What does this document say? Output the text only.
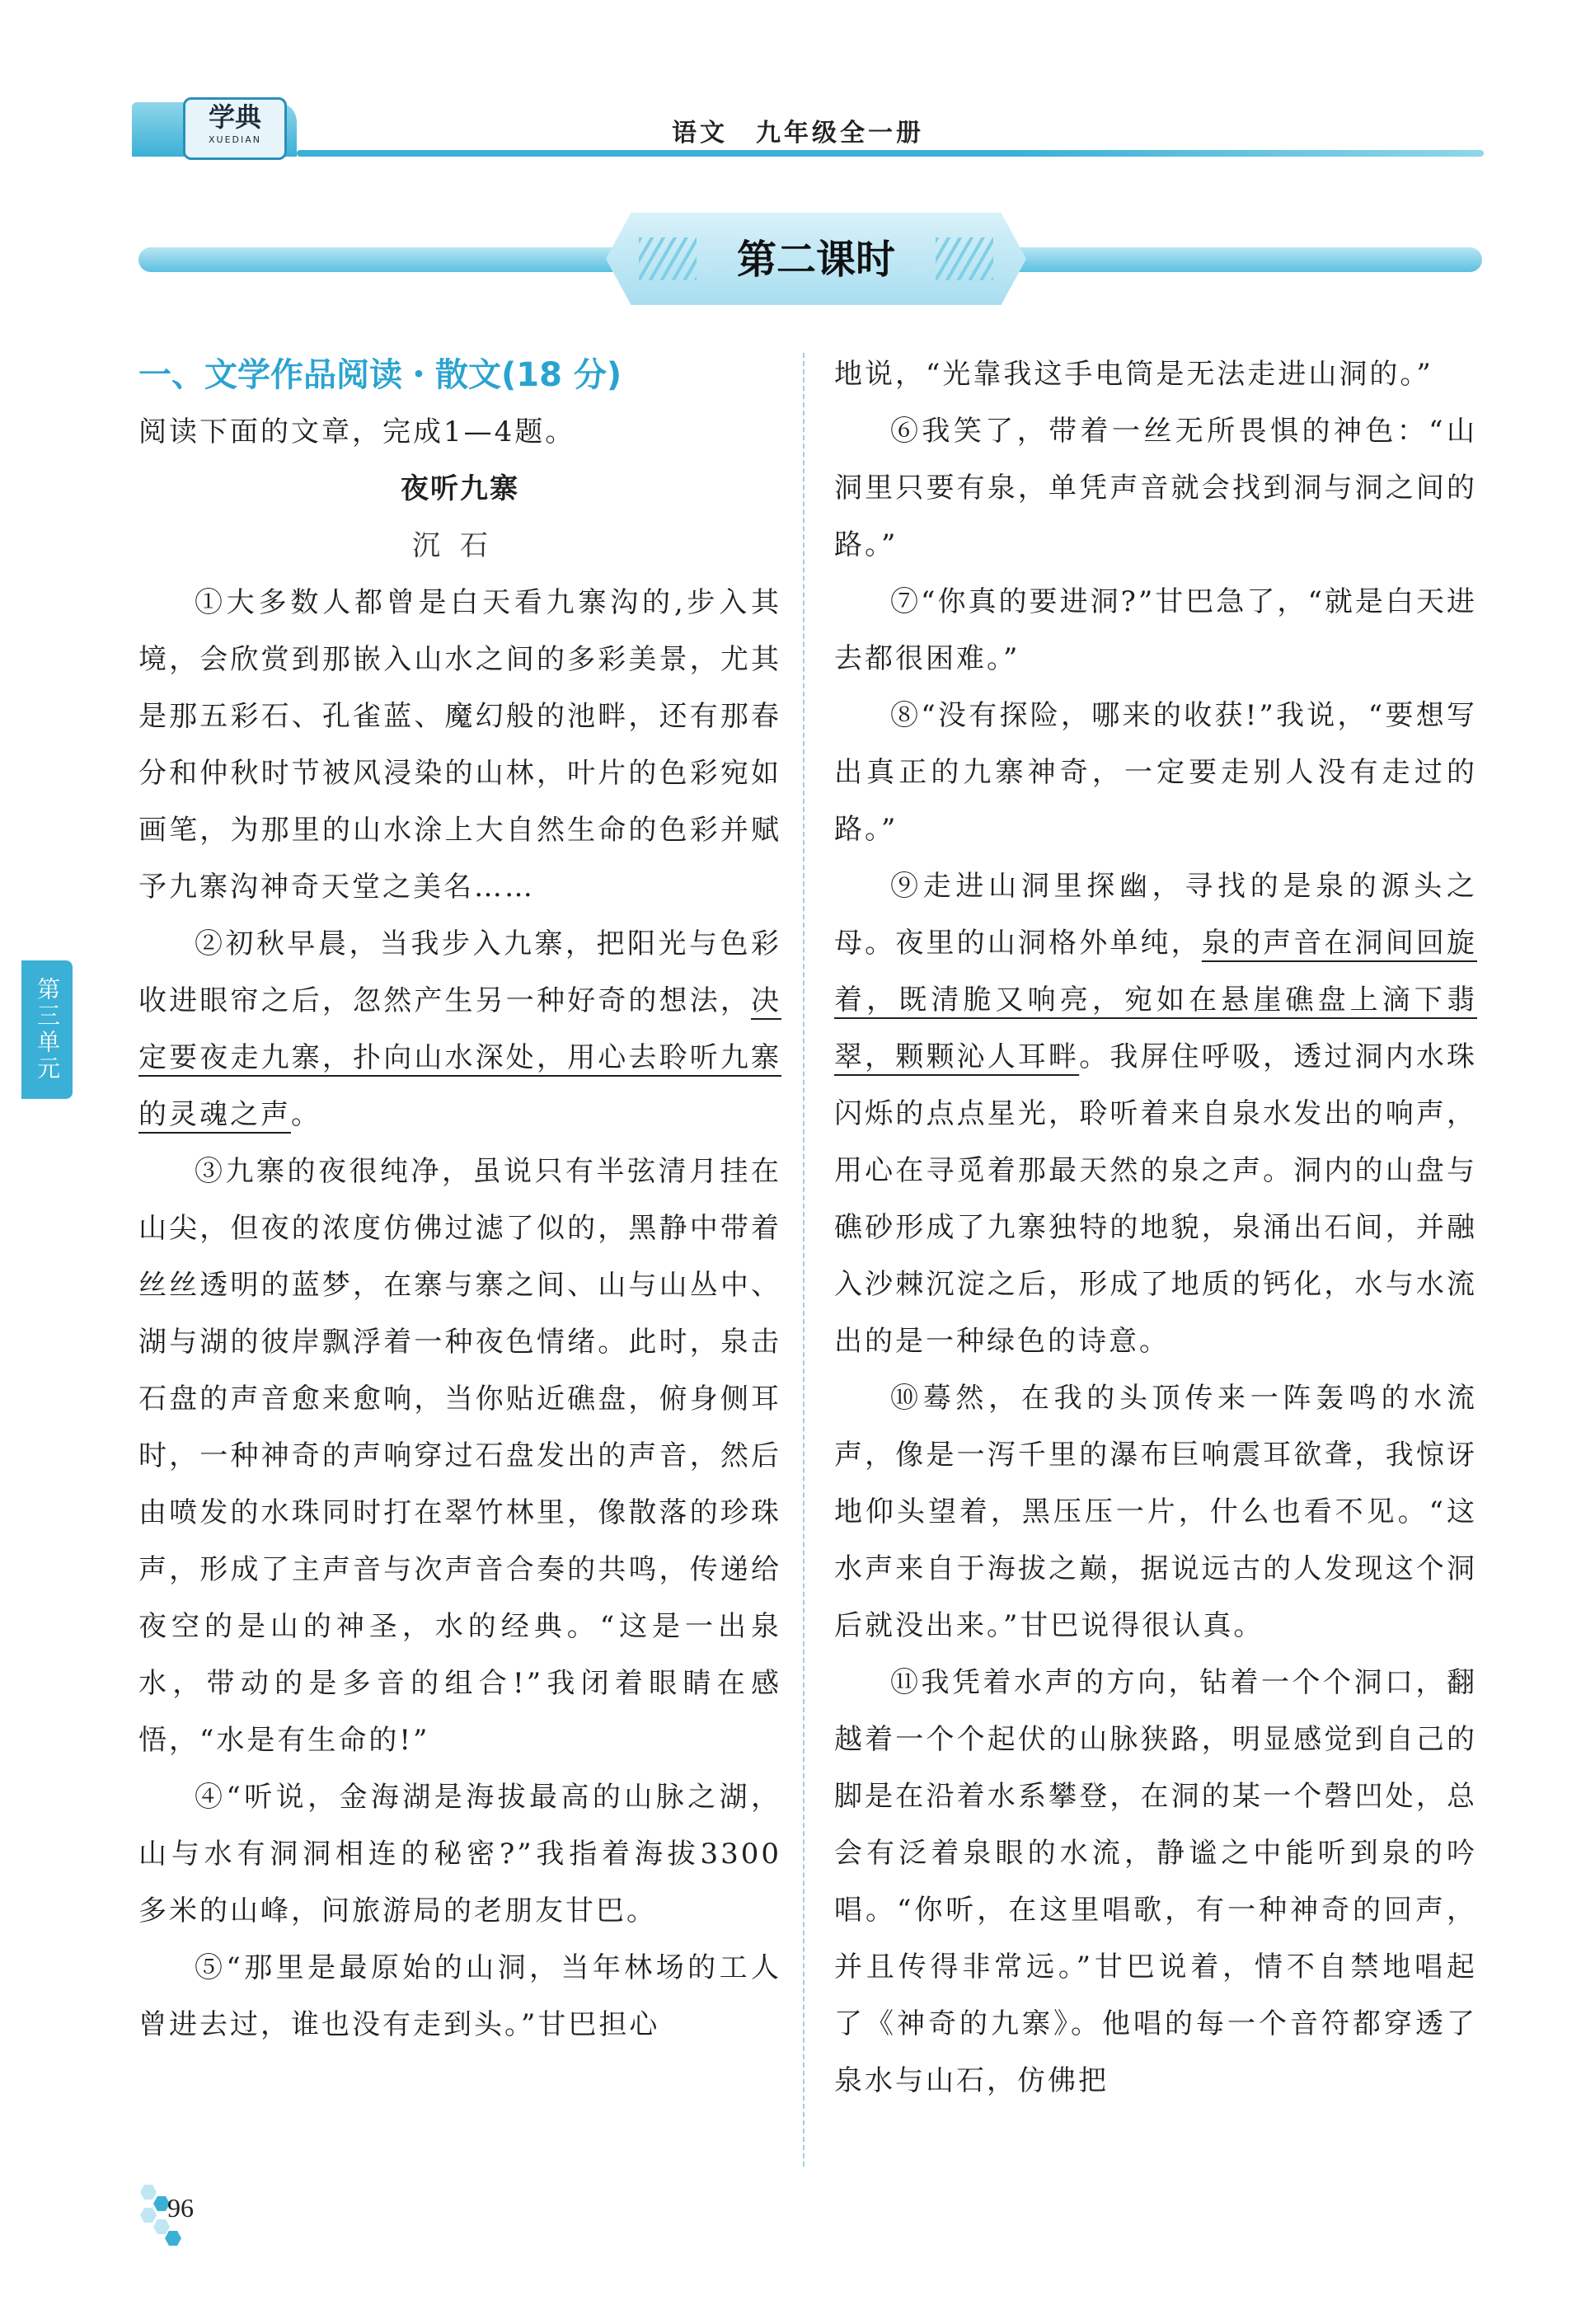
学典
XUEDIAN	语文　九年级全一册
第二课时
一、文学作品阅读・散文(18 分)

阅读下面的文章，完成1—4题。

夜听九寨

沉石

①大多数人都曾是白天看九寨沟的,步入其境，会欣赏到那嵌入山水之间的多彩美景，尤其是那五彩石、孔雀蓝、魔幻般的池畔，还有那春分和仲秋时节被风浸染的山林，叶片的色彩宛如画笔，为那里的山水涂上大自然生命的色彩并赋予九寨沟神奇天堂之美名……

②初秋早晨，当我步入九寨，把阳光与色彩收进眼帘之后，忽然产生另一种好奇的想法，决定要夜走九寨，扑向山水深处，用心去聆听九寨的灵魂之声。

③九寨的夜很纯净，虽说只有半弦清月挂在山尖，但夜的浓度仿佛过滤了似的，黑静中带着丝丝透明的蓝梦，在寨与寨之间、山与山丛中、湖与湖的彼岸飘浮着一种夜色情绪。此时，泉击石盘的声音愈来愈响，当你贴近礁盘，俯身侧耳时，一种神奇的声响穿过石盘发出的声音，然后由喷发的水珠同时打在翠竹林里，像散落的珍珠声，形成了主声音与次声音合奏的共鸣，传递给夜空的是山的神圣，水的经典。“这是一出泉水，带动的是多音的组合!”我闭着眼睛在感悟，“水是有生命的!”

④“听说，金海湖是海拔最高的山脉之湖，山与水有洞洞相连的秘密?”我指着海拔3300 多米的山峰，问旅游局的老朋友甘巴。

⑤“那里是最原始的山洞，当年林场的工人曾进去过，谁也没有走到头。”甘巴担心

地说，“光靠我这手电筒是无法走进山洞的。”

⑥我笑了，带着一丝无所畏惧的神色：“山洞里只要有泉，单凭声音就会找到洞与洞之间的路。”

⑦“你真的要进洞?”甘巴急了，“就是白天进去都很困难。”

⑧“没有探险，哪来的收获!”我说，“要想写出真正的九寨神奇，一定要走别人没有走过的路。”

⑨走进山洞里探幽，寻找的是泉的源头之母。夜里的山洞格外单纯，泉的声音在洞间回旋着，既清脆又响亮，宛如在悬崖礁盘上滴下翡翠，颗颗沁人耳畔。我屏住呼吸，透过洞内水珠闪烁的点点星光，聆听着来自泉水发出的响声，用心在寻觅着那最天然的泉之声。洞内的山盘与礁砂形成了九寨独特的地貌，泉涌出石间，并融入沙棘沉淀之后，形成了地质的钙化，水与水流出的是一种绿色的诗意。

⑩蓦然，在我的头顶传来一阵轰鸣的水流声，像是一泻千里的瀑布巨响震耳欲聋，我惊讶地仰头望着，黑压压一片，什么也看不见。“这水声来自于海拔之巅，据说远古的人发现这个洞后就没出来。”甘巴说得很认真。

⑪我凭着水声的方向，钻着一个个洞口，翻越着一个个起伏的山脉狭路，明显感觉到自己的脚是在沿着水系攀登，在洞的某一个磬凹处，总会有泛着泉眼的水流，静谧之中能听到泉的吟唱。“你听，在这里唱歌，有一种神奇的回声，并且传得非常远。”甘巴说着，情不自禁地唱起了《神奇的九寨》。他唱的每一个音符都穿透了泉水与山石，仿佛把

第三单元
96
